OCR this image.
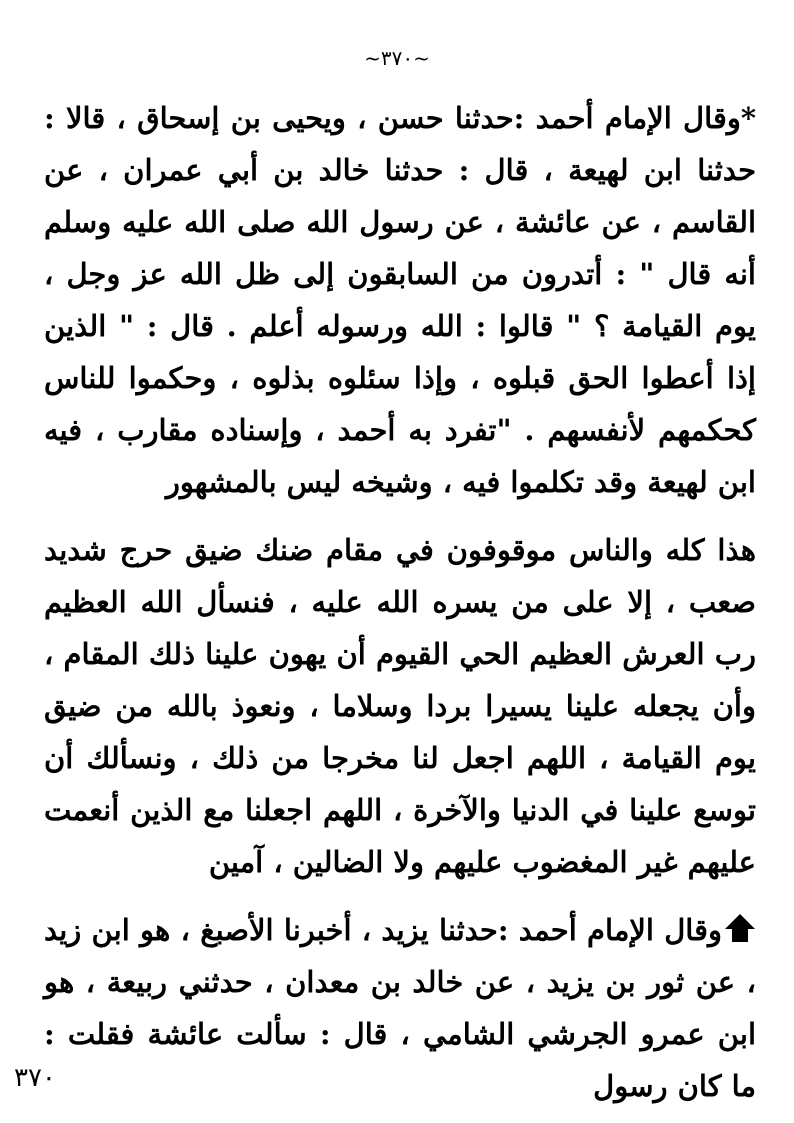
~٣٧٠~

*وقال الإمام أحمد :حدثنا حسن ، ويحيى بن إسحاق ، قالا : حدثنا ابن لهيعة ، قال : حدثنا خالد بن أبي عمران ، عن القاسم ، عن عائشة ، عن رسول الله صلى الله عليه وسلم أنه قال " : أتدرون من السابقون إلى ظل الله عز وجل ، يوم القيامة ؟ " قالوا : الله ورسوله أعلم . قال : " الذين إذا أعطوا الحق قبلوه ، وإذا سئلوه بذلوه ، وحكموا للناس كحكمهم لأنفسهم . "تفرد به أحمد ، وإسناده مقارب ، فيه ابن لهيعة وقد تكلموا فيه ، وشيخه ليس بالمشهور

هذا كله والناس موقوفون في مقام ضنك ضيق حرج شديد صعب ، إلا على من يسره الله عليه ، فنسأل الله العظيم رب العرش العظيم الحي القيوم أن يهون علينا ذلك المقام ، وأن يجعله علينا يسيرا بردا وسلاما ، ونعوذ بالله من ضيق يوم القيامة ، اللهم اجعل لنا مخرجا من ذلك ، ونسألك أن توسع علينا في الدنيا والآخرة ، اللهم اجعلنا مع الذين أنعمت عليهم غير المغضوب عليهم ولا الضالين ، آمين

وقال الإمام أحمد :حدثنا يزيد ، أخبرنا الأصبغ ، هو ابن زيد ، عن ثور بن يزيد ، عن خالد بن معدان ، حدثني ربيعة ، هو ابن عمرو الجرشي الشامي ، قال : سألت عائشة فقلت : ما كان رسول

٣٧٠
